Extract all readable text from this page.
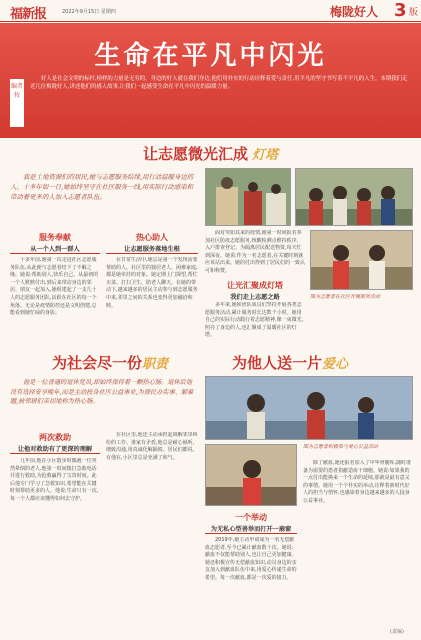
福新报	2022年9月15日 星期四	梅陇好人 3 版
生命在平凡中闪光
编者按
好人是社会文明的标杆,榜样的力量是无穷的。身边的好人就在我们身边,他们用朴实的行动诠释着爱与责任,用平凡的坚守书写着不平凡的人生。本期我们走近几位梅陇好人,讲述他们的感人故事,让我们一起感受生命在平凡中闪光的温暖力量。
让志愿微光汇成 灯塔
我是土地资源们的居民,她与志愿服务结缘,用行动温暖身边的人。十多年如一日,她始终坚守在社区服务一线,用实际行动感染和带动着更多的人加入志愿者队伍。
面对突如其来的疫情,她第一时间报名参加社区防疫志愿服务,核酸检测点维持秩序、入户排查登记、为隔离居民配送物资,每天忙到深夜。她说:作为一名志愿者,在关键时刻就应该站出来。她的付出得到了居民们的一致认可和称赞。
服务奉献
从一个人到一群人
十多年前,她第一次走进社区志愿服务队伍,从此便与志愿者结下了不解之缘。她说:帮助别人,快乐自己。从最初的一个人默默付出,到后来带动身边的邻居、朋友一起加入,她组建起了一支几十人的志愿服务团队,活跃在社区的每一个角落。无论是疫情防控还是文明创建,总能看到她忙碌的身影。
热心助人
让志愿服务落地生根
在日常生活中,她总是第一个发现需要帮助的人。社区里的独居老人、困难家庭,都是她牵挂的对象。她定期上门探望,帮忙买菜、打扫卫生、陪老人聊天。在她的带动下,越来越多的居民主动参与到志愿服务中来,邻里之间的关系也变得更加融洽和睦。
让光汇聚成灯塔
我们走上志愿之路
多年来,她和团队成员们坚持开展各类志愿服务活动,累计服务时长达数千小时。她用自己的实际行动践行着志愿精神,像一束微光,照亮了身边的人,也汇聚成了温暖社区的灯塔。
图为志愿者在社区开展服务活动
为社会尽一份职责	为他人送一片爱心
他是一位普通的退休党员,却始终保持着一颗热心肠。退休后他没有选择安享晚年,而是主动投身社区公益事业,为居民办实事、解难题,被邻居们亲切地称为热心肠。
两次救助
让他对救助有了更深的理解
几年前,他在小区散步时偶遇一位突然晕倒的老人,他第一时间拨打急救电话并进行救助,为抢救赢得了宝贵时间。此后他专门学习了急救知识,希望能在关键时刻帮助更多的人。他说:生命只有一次,每一个人都应该懂得如何去守护。
在社区里,他还主动承担起调解邻里纠纷的工作。谁家有矛盾,他总是耐心倾听、细致沟通,用真诚化解隔阂。居民们都说,有他在,小区里总是充满了和气。
一个举动
为无私心型善举而打开一扇窗
2019年,她主动申请成为一名无偿献血志愿者,至今已累计献血数十次。她说:献血不仅能帮助别人,也让自己更加健康。她还积极宣传无偿献血知识,动员身边的亲友加入到献血队伍中来,用爱心传递生命的希望。每一次献血,都是一次爱的接力。
图为志愿者积极参与爱心公益活动
除了献血,她还报名加入了中华骨髓库,随时准备为需要的患者捐献造血干细胞。她说:如果我的一点付出能换来一个生命的延续,那就是最有意义的事情。她用一个个朴实的举动,诠释着新时代好人的担当与情怀,也感染着身边越来越多的人投身公益事业。
(责编)
